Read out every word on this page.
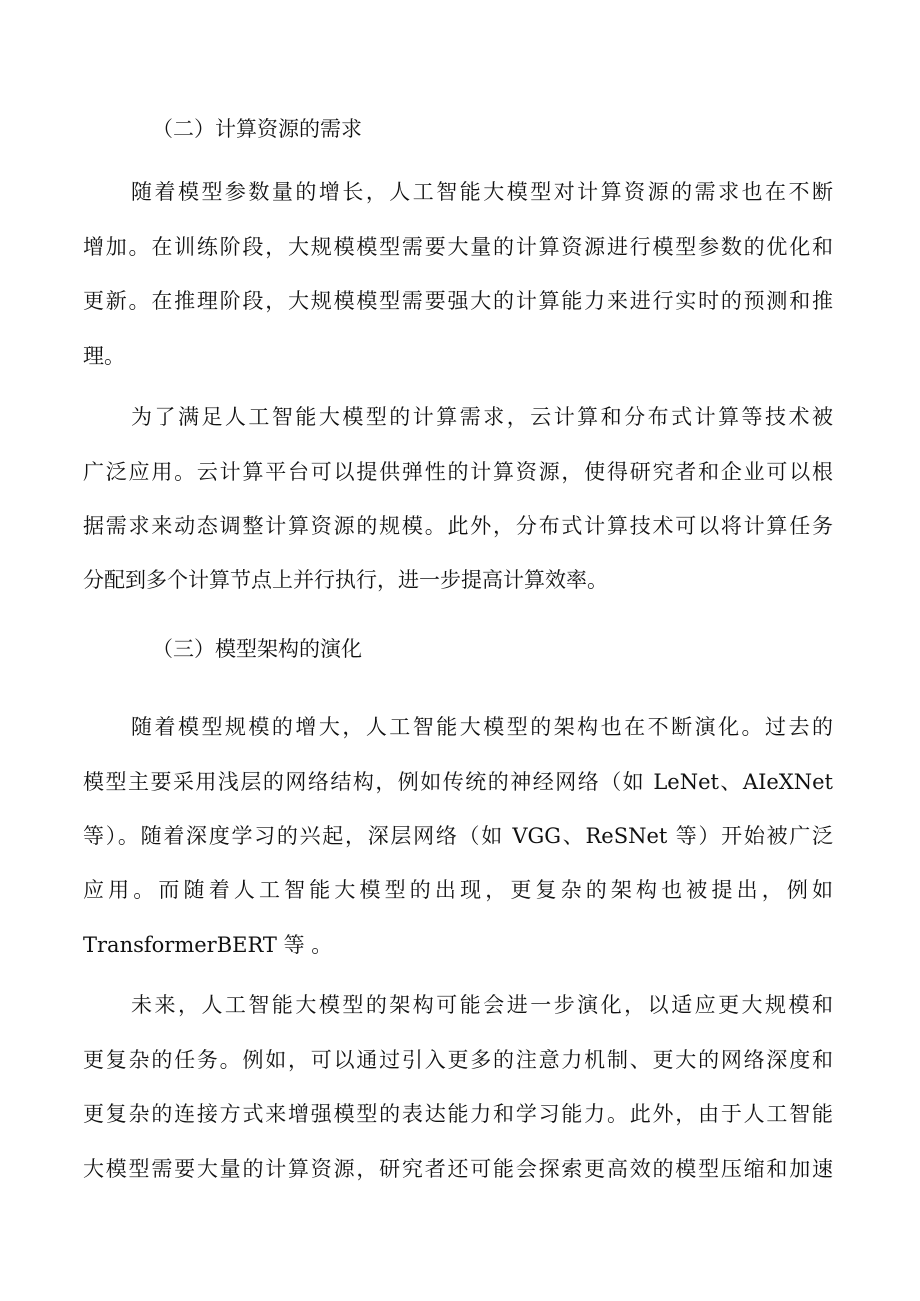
（二）计算资源的需求
随着模型参数量的增长，人工智能大模型对计算资源的需求也在不断
增加。在训练阶段，大规模模型需要大量的计算资源进行模型参数的优化和
更新。在推理阶段，大规模模型需要强大的计算能力来进行实时的预测和推
理。
为了满足人工智能大模型的计算需求，云计算和分布式计算等技术被
广泛应用。云计算平台可以提供弹性的计算资源，使得研究者和企业可以根
据需求来动态调整计算资源的规模。此外，分布式计算技术可以将计算任务
分配到多个计算节点上并行执行，进一步提高计算效率。
（三）模型架构的演化
随着模型规模的增大，人工智能大模型的架构也在不断演化。过去的
模型主要采用浅层的网络结构，例如传统的神经网络（如 LeNet、AIeXNet
等）。随着深度学习的兴起，深层网络（如 VGG、ReSNet 等）开始被广泛
应用。而随着人工智能大模型的出现，更复杂的架构也被提出，例如
TransformerBERT 等 。
未来，人工智能大模型的架构可能会进一步演化，以适应更大规模和
更复杂的任务。例如，可以通过引入更多的注意力机制、更大的网络深度和
更复杂的连接方式来增强模型的表达能力和学习能力。此外，由于人工智能
大模型需要大量的计算资源，研究者还可能会探索更高效的模型压缩和加速
